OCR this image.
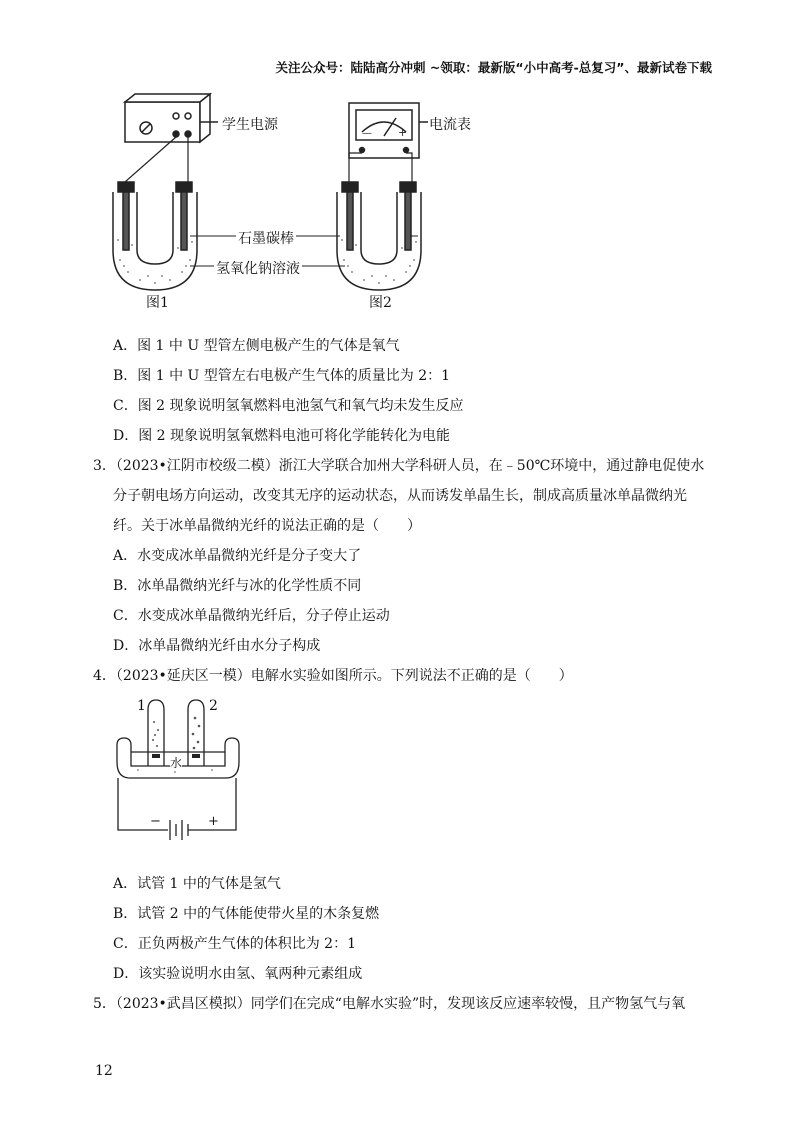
关注公众号：陆陆高分冲刺 ~领取：最新版“小中高考-总复习”、最新试卷下载
— +
学生电源	电流表
石墨碳棒
氢氧化钠溶液
图1	图2
A．图 1 中 U 型管左侧电极产生的气体是氧气
B．图 1 中 U 型管左右电极产生气体的质量比为 2：1
C．图 2 现象说明氢氧燃料电池氢气和氧气均未发生反应
D．图 2 现象说明氢氧燃料电池可将化学能转化为电能
3．（2023•江阴市校级二模）浙江大学联合加州大学科研人员，在﹣50℃环境中，通过静电促使水
分子朝电场方向运动，改变其无序的运动状态，从而诱发单晶生长，制成高质量冰单晶微纳光
纤。关于冰单晶微纳光纤的说法正确的是（　　）
A．水变成冰单晶微纳光纤是分子变大了
B．冰单晶微纳光纤与冰的化学性质不同
C．水变成冰单晶微纳光纤后，分子停止运动
D．冰单晶微纳光纤由水分子构成
4．（2023•延庆区一模）电解水实验如图所示。下列说法不正确的是（　　）
1	2
水
−	+
A．试管 1 中的气体是氢气
B．试管 2 中的气体能使带火星的木条复燃
C．正负两极产生气体的体积比为 2：1
D．该实验说明水由氢、氧两种元素组成
5．（2023•武昌区模拟）同学们在完成“电解水实验”时，发现该反应速率较慢，且产物氢气与氧
12
